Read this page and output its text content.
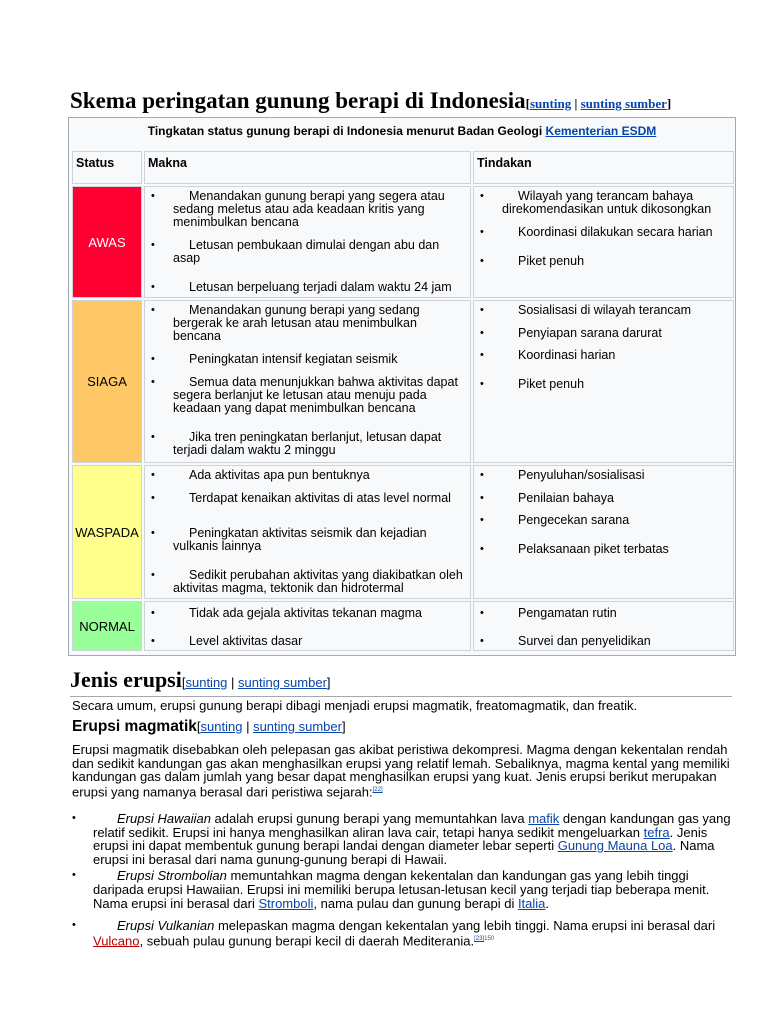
Skema peringatan gunung berapi di Indonesia[sunting | sunting sumber]
Tingkatan status gunung berapi di Indonesia menurut Badan Geologi Kementerian ESDM
Status	Makna	Tindakan
AWAS
• Menandakan gunung berapi yang segera atau sedang meletus atau ada keadaan kritis yang menimbulkan bencana
• Letusan pembukaan dimulai dengan abu dan asap
• Letusan berpeluang terjadi dalam waktu 24 jam
• Wilayah yang terancam bahaya direkomendasikan untuk dikosongkan
• Koordinasi dilakukan secara harian
• Piket penuh
SIAGA
• Menandakan gunung berapi yang sedang bergerak ke arah letusan atau menimbulkan bencana
• Peningkatan intensif kegiatan seismik
• Semua data menunjukkan bahwa aktivitas dapat segera berlanjut ke letusan atau menuju pada keadaan yang dapat menimbulkan bencana
• Jika tren peningkatan berlanjut, letusan dapat terjadi dalam waktu 2 minggu
• Sosialisasi di wilayah terancam
• Penyiapan sarana darurat
• Koordinasi harian
• Piket penuh
WASPADA
• Ada aktivitas apa pun bentuknya
• Terdapat kenaikan aktivitas di atas level normal
• Peningkatan aktivitas seismik dan kejadian vulkanis lainnya
• Sedikit perubahan aktivitas yang diakibatkan oleh aktivitas magma, tektonik dan hidrotermal
• Penyuluhan/sosialisasi
• Penilaian bahaya
• Pengecekan sarana
• Pelaksanaan piket terbatas
NORMAL
• Tidak ada gejala aktivitas tekanan magma
• Level aktivitas dasar
• Pengamatan rutin
• Survei dan penyelidikan
Jenis erupsi[sunting | sunting sumber]

Secara umum, erupsi gunung berapi dibagi menjadi erupsi magmatik, freatomagmatik, dan freatik.

Erupsi magmatik[sunting | sunting sumber]

Erupsi magmatik disebabkan oleh pelepasan gas akibat peristiwa dekompresi. Magma dengan kekentalan rendah dan sedikit kandungan gas akan menghasilkan erupsi yang relatif lemah. Sebaliknya, magma kental yang memiliki kandungan gas dalam jumlah yang besar dapat menghasilkan erupsi yang kuat. Jenis erupsi berikut merupakan erupsi yang namanya berasal dari peristiwa sejarah:[22]

• Erupsi Hawaiian adalah erupsi gunung berapi yang memuntahkan lava mafik dengan kandungan gas yang relatif sedikit. Erupsi ini hanya menghasilkan aliran lava cair, tetapi hanya sedikit mengeluarkan tefra. Jenis erupsi ini dapat membentuk gunung berapi landai dengan diameter lebar seperti Gunung Mauna Loa. Nama erupsi ini berasal dari nama gunung-gunung berapi di Hawaii.
• Erupsi Strombolian memuntahkan magma dengan kekentalan dan kandungan gas yang lebih tinggi daripada erupsi Hawaiian. Erupsi ini memiliki berupa letusan-letusan kecil yang terjadi tiap beberapa menit. Nama erupsi ini berasal dari Stromboli, nama pulau dan gunung berapi di Italia.
• Erupsi Vulkanian melepaskan magma dengan kekentalan yang lebih tinggi. Nama erupsi ini berasal dari Vulcano, sebuah pulau gunung berapi kecil di daerah Mediterania.$^{[23]150}$
